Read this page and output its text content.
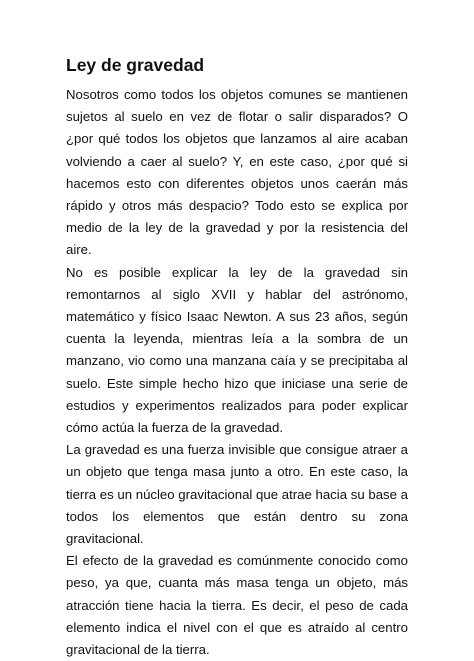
Ley de gravedad

Nosotros como todos los objetos comunes se mantienen sujetos al suelo en vez de flotar o salir disparados? O ¿por qué todos los objetos que lanzamos al aire acaban volviendo a caer al suelo? Y, en este caso, ¿por qué si hacemos esto con diferentes objetos unos caerán más rápido y otros más despacio? Todo esto se explica por medio de la ley de la gravedad y por la resistencia del aire.

No es posible explicar la ley de la gravedad sin remontarnos al siglo XVII y hablar del astrónomo, matemático y físico Isaac Newton. A sus 23 años, según cuenta la leyenda, mientras leía a la sombra de un manzano, vio como una manzana caía y se precipitaba al suelo. Este simple hecho hizo que iniciase una serie de estudios y experimentos realizados para poder explicar cómo actúa la fuerza de la gravedad.

La gravedad es una fuerza invisible que consigue atraer a un objeto que tenga masa junto a otro. En este caso, la tierra es un núcleo gravitacional que atrae hacia su base a todos los elementos que están dentro su zona gravitacional.

El efecto de la gravedad es comúnmente conocido como peso, ya que, cuanta más masa tenga un objeto, más atracción tiene hacia la tierra. Es decir, el peso de cada elemento indica el nivel con el que es atraído al centro gravitacional de la tierra.
